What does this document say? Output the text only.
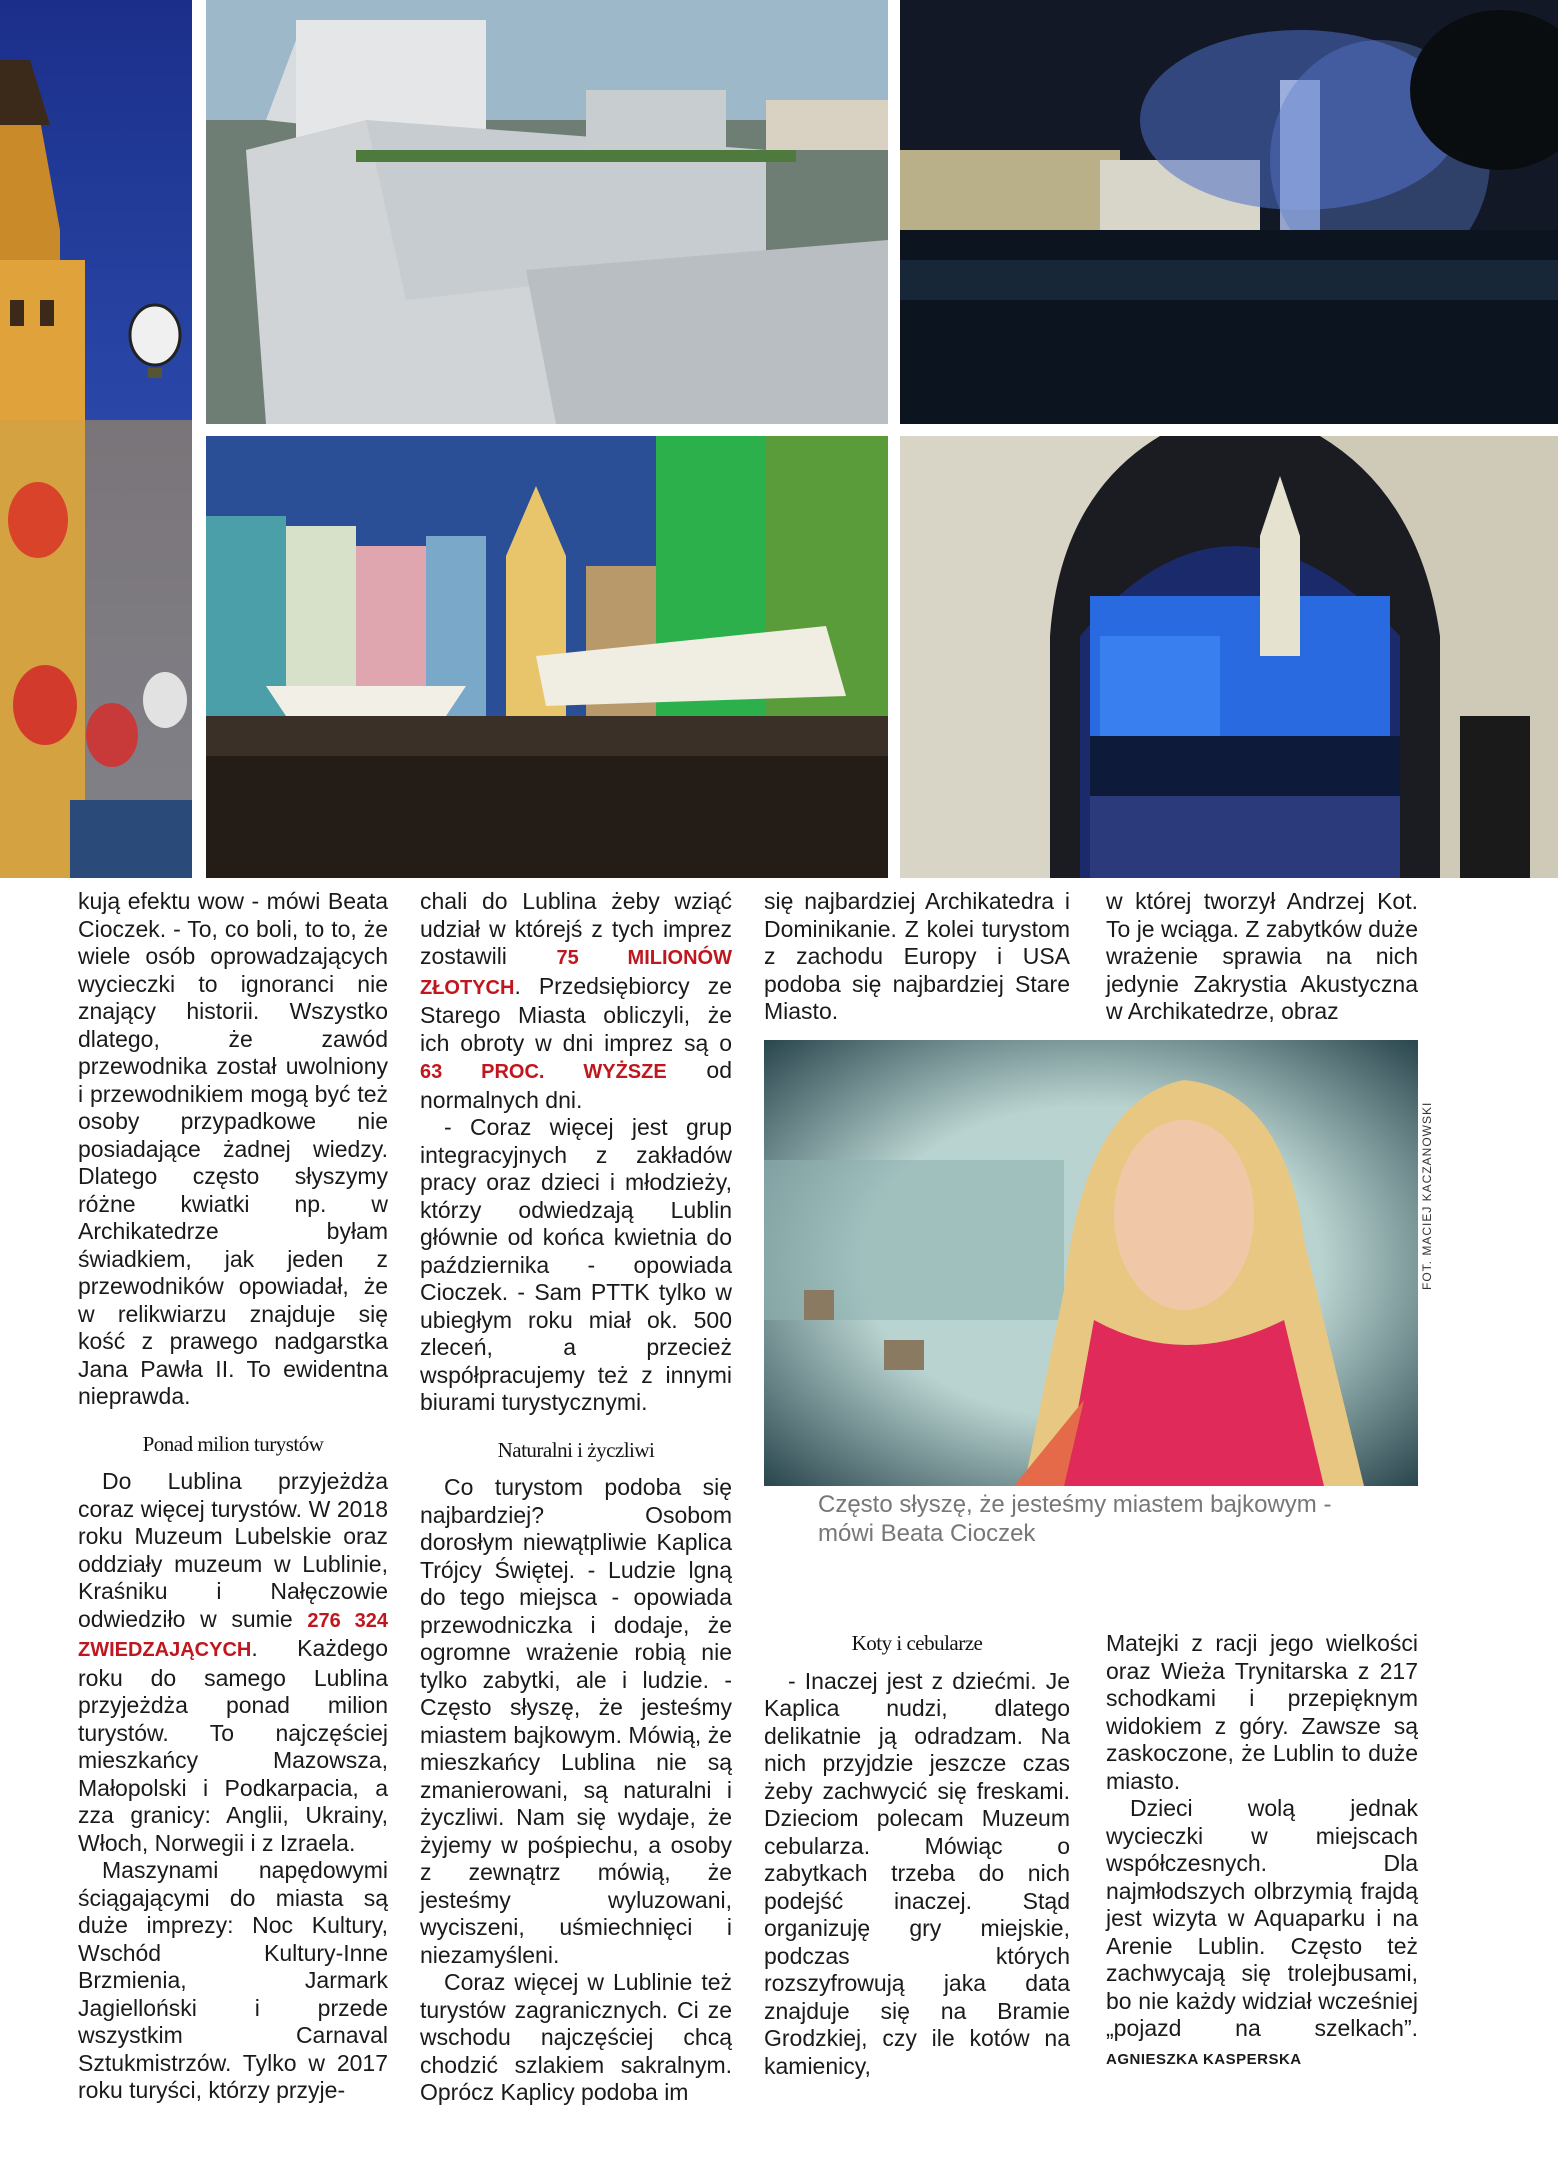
FOT. MACIEJ KACZANOWSKI
Często słyszę, że jesteśmy miastem bajkowym - mówi Beata Cioczek

kują efektu wow - mówi Beata Cioczek. - To, co boli, to to, że wiele osób oprowadzających wycieczki to ignoranci nie znający historii. Wszystko dlatego, że zawód przewodnika został uwolniony i przewodnikiem mogą być też osoby przypadkowe nie posiadające żadnej wiedzy. Dlatego często słyszymy różne kwiatki np. w Archikatedrze byłam świadkiem, jak jeden z przewodników opowiadał, że w relikwiarzu znajduje się kość z prawego nadgarstka Jana Pawła II. To ewidentna nieprawda.

Ponad milion turystów

Do Lublina przyjeżdża coraz więcej turystów. W 2018 roku Muzeum Lubelskie oraz oddziały muzeum w Lublinie, Kraśniku i Nałęczowie odwiedziło w sumie 276 324 ZWIEDZAJĄCYCH. Każdego roku do samego Lublina przyjeżdża ponad milion turystów. To najczęściej mieszkańcy Mazowsza, Małopolski i Podkarpacia, a zza granicy: Anglii, Ukrainy, Włoch, Norwegii i z Izraela.

Maszynami napędowymi ściągającymi do miasta są duże imprezy: Noc Kultury, Wschód Kultury-Inne Brzmienia, Jarmark Jagielloński i przede wszystkim Carnaval Sztukmistrzów. Tylko w 2017 roku turyści, którzy przyje-

chali do Lublina żeby wziąć udział w którejś z tych imprez zostawili 75 MILIONÓW ZŁOTYCH. Przedsiębiorcy ze Starego Miasta obliczyli, że ich obroty w dni imprez są o 63 PROC. WYŻSZE od normalnych dni.

- Coraz więcej jest grup integracyjnych z zakładów pracy oraz dzieci i młodzieży, którzy odwiedzają Lublin głównie od końca kwietnia do października - opowiada Cioczek. - Sam PTTK tylko w ubiegłym roku miał ok. 500 zleceń, a przecież współpracujemy też z innymi biurami turystycznymi.

Naturalni i życzliwi

Co turystom podoba się najbardziej? Osobom dorosłym niewątpliwie Kaplica Trójcy Świętej. - Ludzie lgną do tego miejsca - opowiada przewodniczka i dodaje, że ogromne wrażenie robią nie tylko zabytki, ale i ludzie. - Często słyszę, że jesteśmy miastem bajkowym. Mówią, że mieszkańcy Lublina nie są zmanierowani, są naturalni i życzliwi. Nam się wydaje, że żyjemy w pośpiechu, a osoby z zewnątrz mówią, że jesteśmy wyluzowani, wyciszeni, uśmiechnięci i niezamyśleni.

Coraz więcej w Lublinie też turystów zagranicznych. Ci ze wschodu najczęściej chcą chodzić szlakiem sakralnym. Oprócz Kaplicy podoba im

się najbardziej Archikatedra i Dominikanie. Z kolei turystom z zachodu Europy i USA podoba się najbardziej Stare Miasto.

w której tworzył Andrzej Kot. To je wciąga. Z zabytków duże wrażenie sprawia na nich jedynie Zakrystia Akustyczna w Archikatedrze, obraz

Koty i cebularze

- Inaczej jest z dziećmi. Je Kaplica nudzi, dlatego delikatnie ją odradzam. Na nich przyjdzie jeszcze czas żeby zachwycić się freskami. Dzieciom polecam Muzeum cebularza. Mówiąc o zabytkach trzeba do nich podejść inaczej. Stąd organizuję gry miejskie, podczas których rozszyfrowują jaka data znajduje się na Bramie Grodzkiej, czy ile kotów na kamienicy,

Matejki z racji jego wielkości oraz Wieża Trynitarska z 217 schodkami i przepięknym widokiem z góry. Zawsze są zaskoczone, że Lublin to duże miasto.

Dzieci wolą jednak wycieczki w miejscach współczesnych. Dla najmłodszych olbrzymią frajdą jest wizyta w Aquaparku i na Arenie Lublin. Często też zachwycają się trolejbusami, bo nie każdy widział wcześniej „pojazd na szelkach”. AGNIESZKA KASPERSKA
